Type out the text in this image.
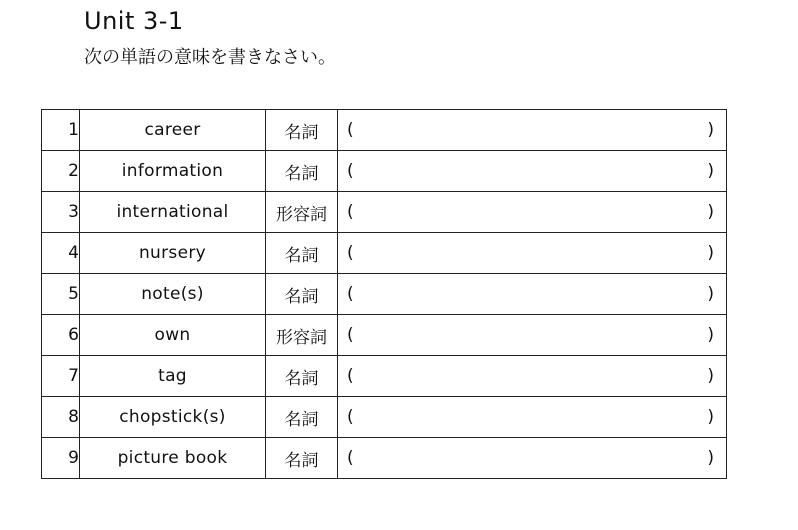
Unit 3-1
次の単語の意味を書きなさい。
1	career	名詞	( )

2	information	名詞	( )

3	international	形容詞	( )

4	nursery	名詞	( )

5	note(s)	名詞	( )

6	own	形容詞	( )

7	tag	名詞	( )

8	chopstick(s)	名詞	( )

9	picture book	名詞	( )
